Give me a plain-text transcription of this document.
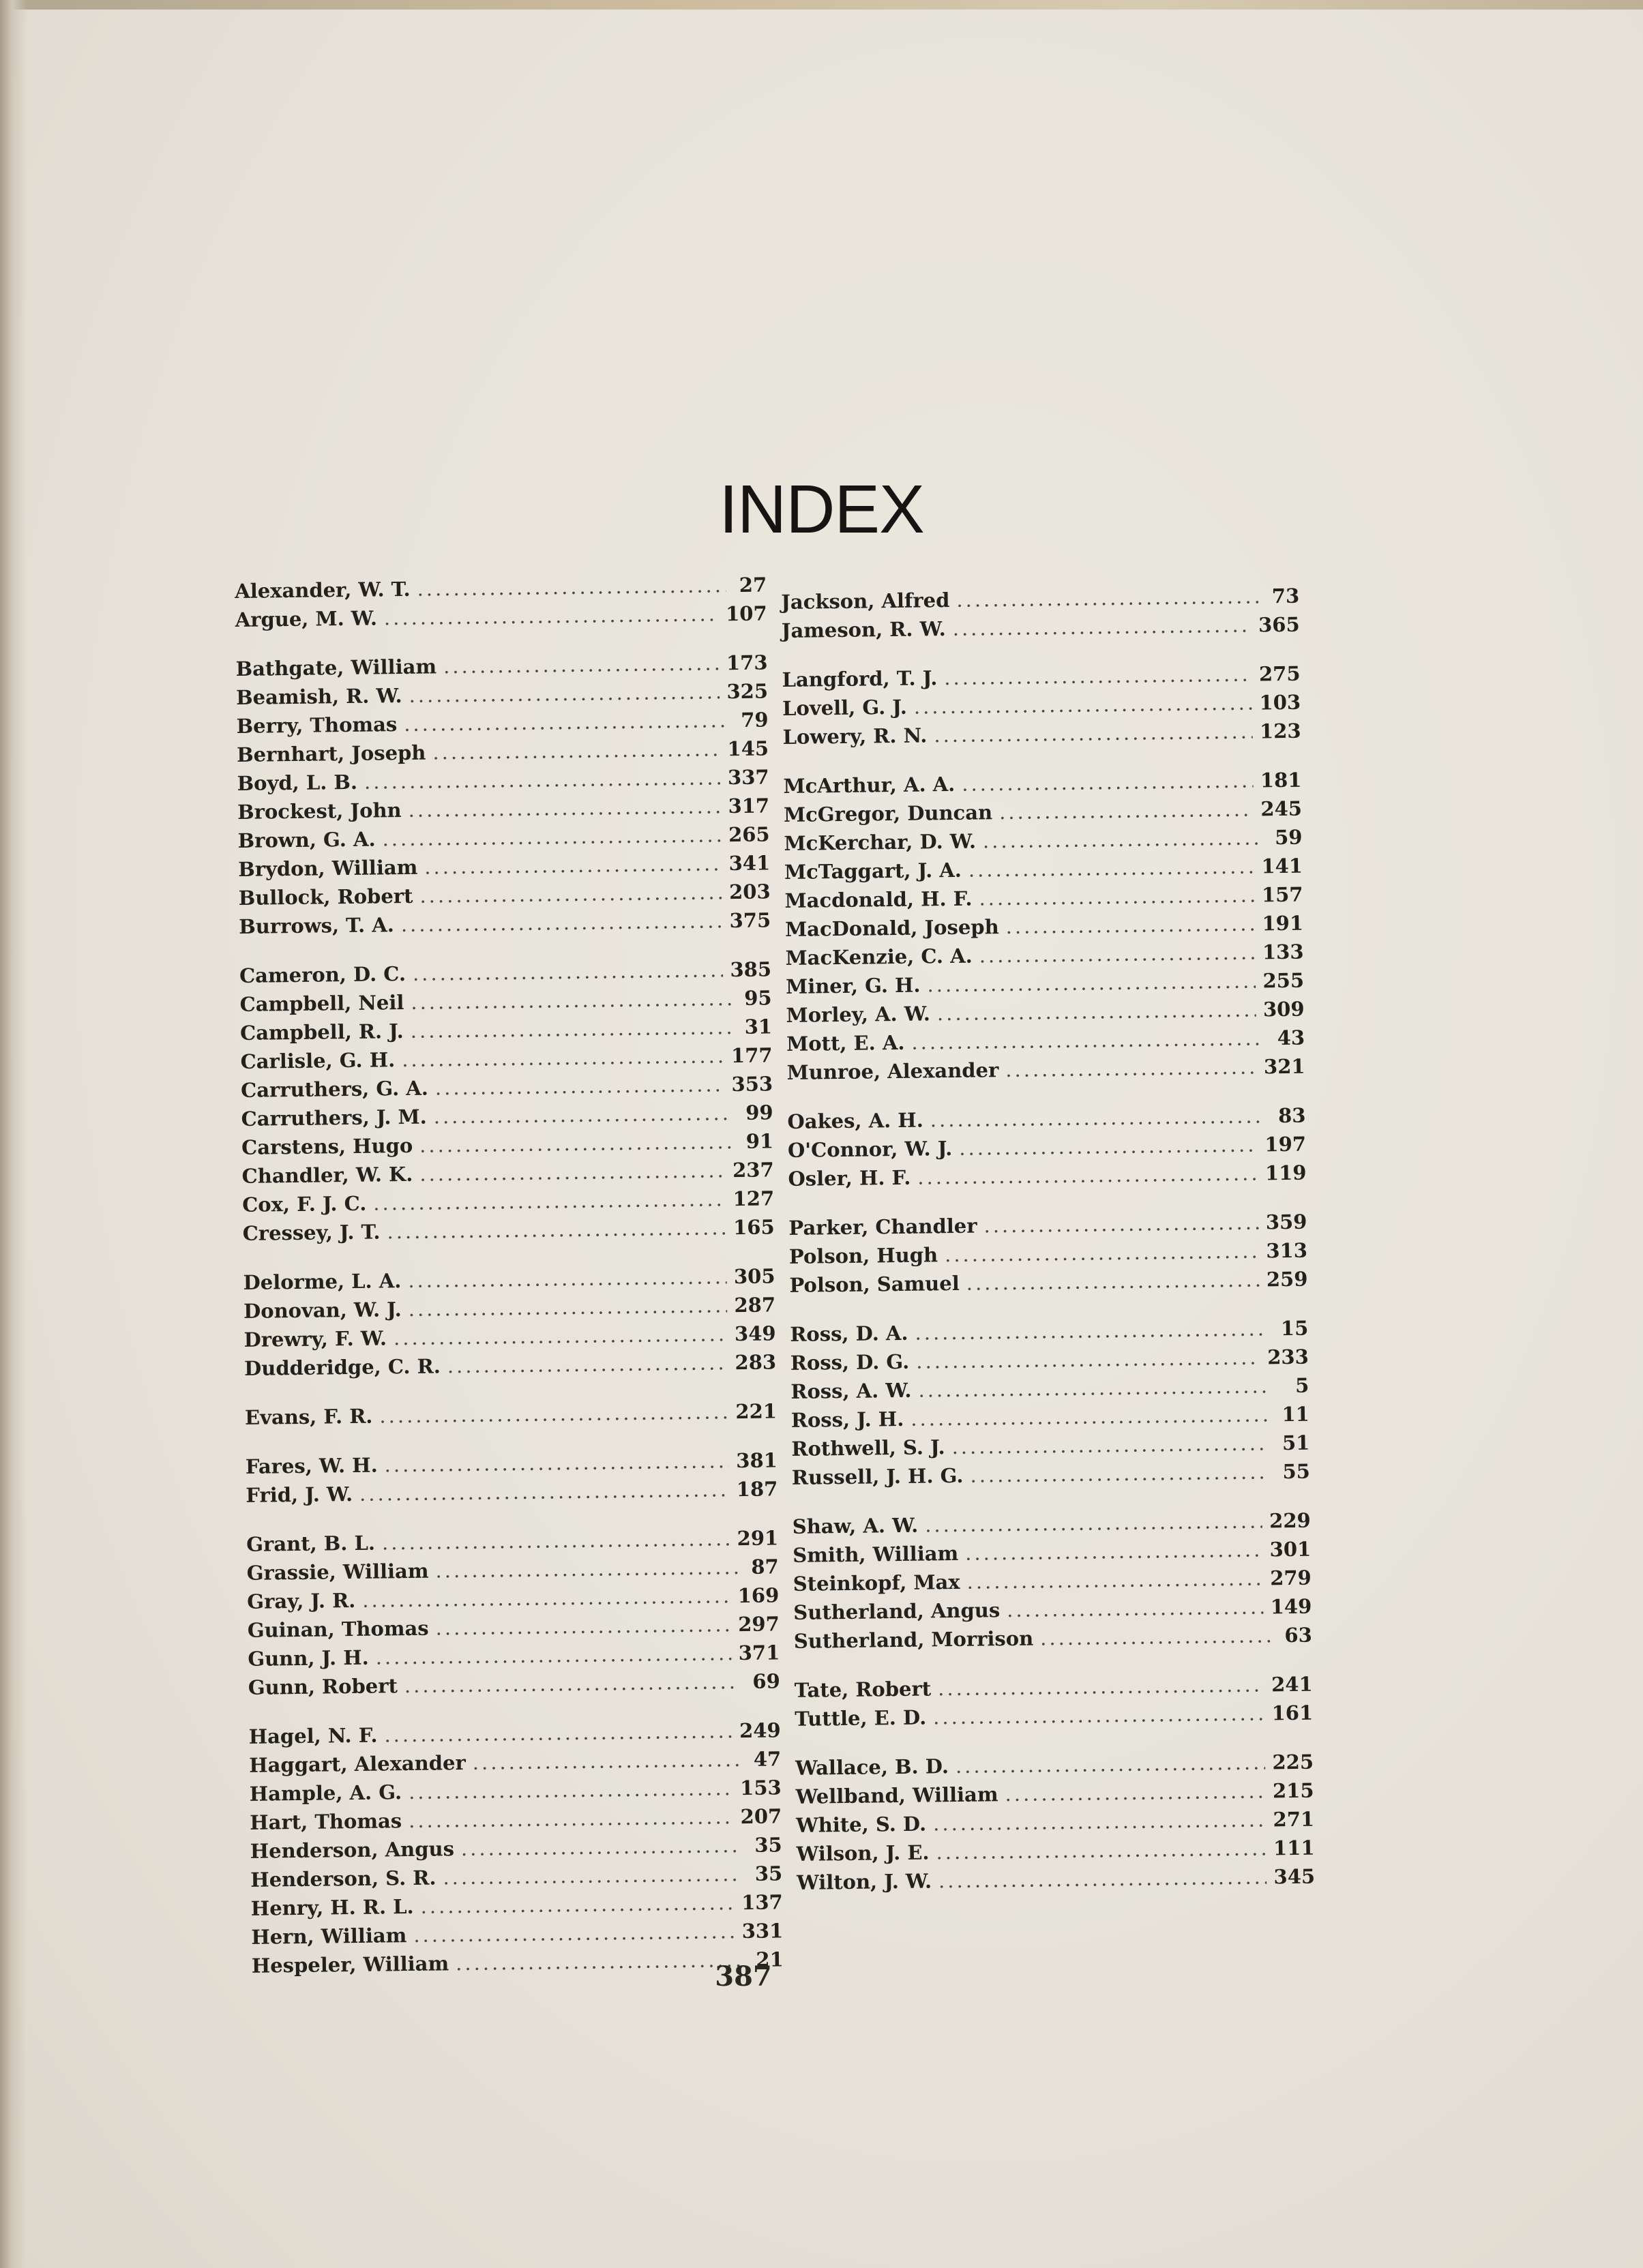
INDEX
Alexander, W. T. .....	27
Argue, M. W. .....	107
Bathgate, William .....	173
Beamish, R. W. .....	325
Berry, Thomas .....	79
Bernhart, Joseph .....	145
Boyd, L. B. .....	337
Brockest, John .....	317
Brown, G. A. .....	265
Brydon, William .....	341
Bullock, Robert .....	203
Burrows, T. A. .....	375
Cameron, D. C. .....	385
Campbell, Neil .....	95
Campbell, R. J. .....	31
Carlisle, G. H. .....	177
Carruthers, G. A. .....	353
Carruthers, J. M. .....	99
Carstens, Hugo .....	91
Chandler, W. K. .....	237
Cox, F. J. C. .....	127
Cressey, J. T. .....	165
Delorme, L. A. .....	305
Donovan, W. J. .....	287
Drewry, F. W. .....	349
Dudderidge, C. R. .....	283
Evans, F. R. .....	221
Fares, W. H. .....	381
Frid, J. W. .....	187
Grant, B. L. .....	291
Grassie, William .....	87
Gray, J. R. .....	169
Guinan, Thomas .....	297
Gunn, J. H. .....	371
Gunn, Robert .....	69
Hagel, N. F. .....	249
Haggart, Alexander .....	47
Hample, A. G. .....	153
Hart, Thomas .....	207
Henderson, Angus .....	35
Henderson, S. R. .....	35
Henry, H. R. L. .....	137
Hern, William .....	331
Hespeler, William .....	21
Jackson, Alfred .....	73
Jameson, R. W. .....	365
Langford, T. J. .....	275
Lovell, G. J. .....	103
Lowery, R. N. .....	123
McArthur, A. A. .....	181
McGregor, Duncan .....	245
McKerchar, D. W. .....	59
McTaggart, J. A. .....	141
Macdonald, H. F. .....	157
MacDonald, Joseph .....	191
MacKenzie, C. A. .....	133
Miner, G. H. .....	255
Morley, A. W. .....	309
Mott, E. A. .....	43
Munroe, Alexander .....	321
Oakes, A. H. .....	83
O'Connor, W. J. .....	197
Osler, H. F. .....	119
Parker, Chandler .....	359
Polson, Hugh .....	313
Polson, Samuel .....	259
Ross, D. A. .....	15
Ross, D. G. .....	233
Ross, A. W. .....	5
Ross, J. H. .....	11
Rothwell, S. J. .....	51
Russell, J. H. G. .....	55
Shaw, A. W. .....	229
Smith, William .....	301
Steinkopf, Max .....	279
Sutherland, Angus .....	149
Sutherland, Morrison .....	63
Tate, Robert .....	241
Tuttle, E. D. .....	161
Wallace, B. D. .....	225
Wellband, William .....	215
White, S. D. .....	271
Wilson, J. E. .....	111
Wilton, J. W. .....	345
387
